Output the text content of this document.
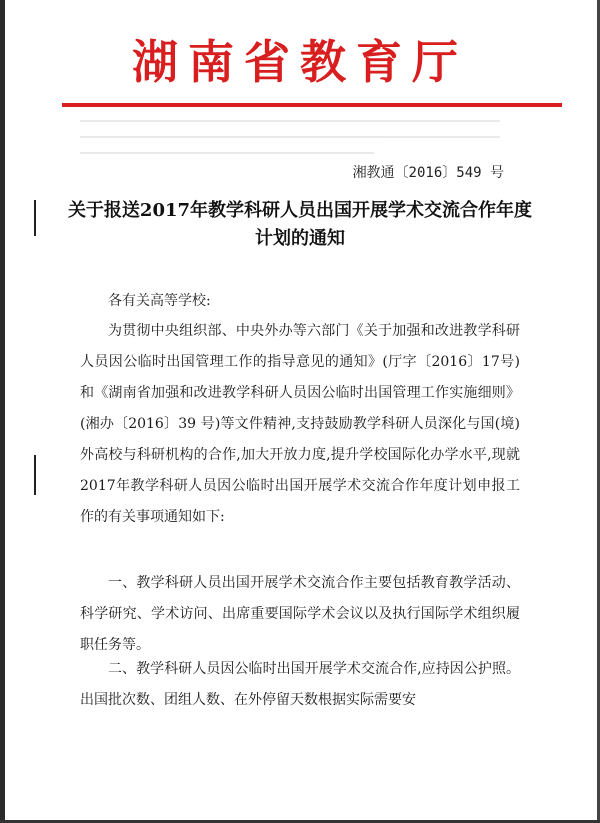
湖南省教育厅
湘教通〔2016〕549 号
关于报送2017年教学科研人员出国开展学术交流合作年度计划的通知
各有关高等学校:
为贯彻中央组织部、中央外办等六部门《关于加强和改进教学科研人员因公临时出国管理工作的指导意见的通知》(厅字〔2016〕17号)和《湖南省加强和改进教学科研人员因公临时出国管理工作实施细则》(湘办〔2016〕39 号)等文件精神,支持鼓励教学科研人员深化与国(境)外高校与科研机构的合作,加大开放力度,提升学校国际化办学水平,现就2017年教学科研人员因公临时出国开展学术交流合作年度计划申报工作的有关事项通知如下:
一、教学科研人员出国开展学术交流合作主要包括教育教学活动、科学研究、学术访问、出席重要国际学术会议以及执行国际学术组织履职任务等。
二、教学科研人员因公临时出国开展学术交流合作,应持因公护照。出国批次数、团组人数、在外停留天数根据实际需要安
